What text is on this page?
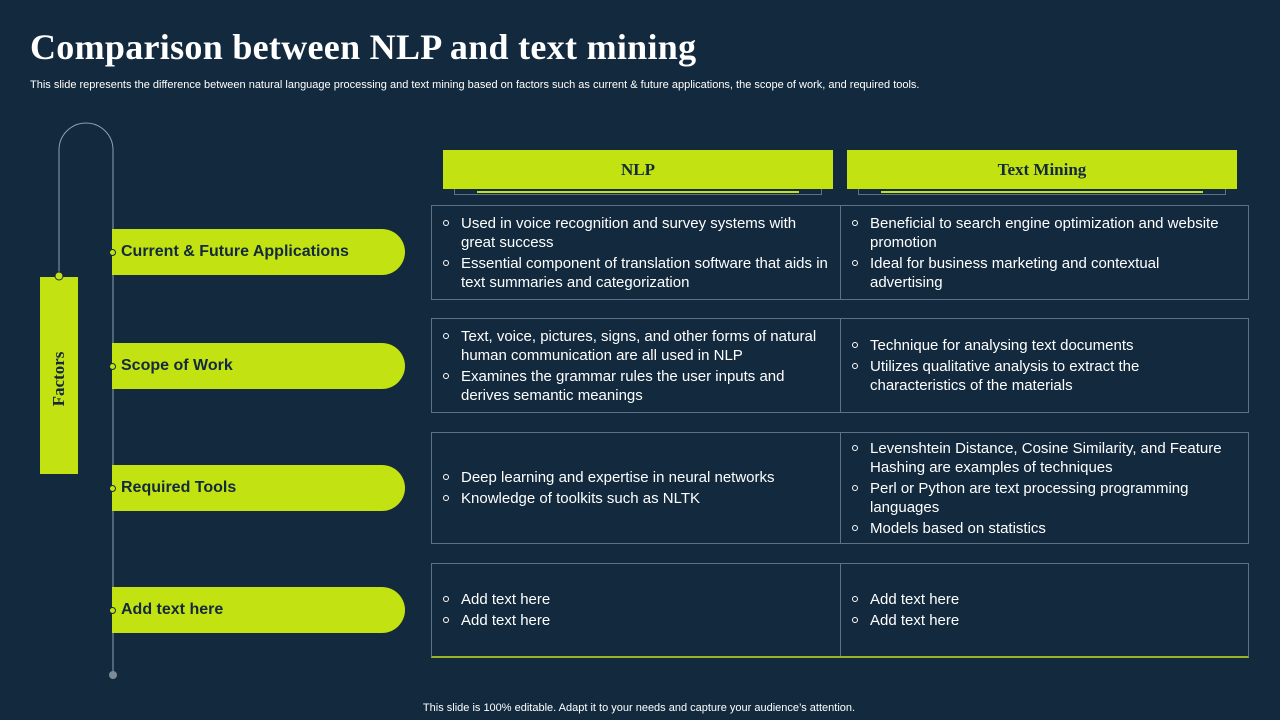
Comparison between NLP and text mining

This slide represents the difference between natural language processing and text mining based on factors such as current & future applications, the scope of work, and required tools.

Factors
Current & Future Applications
Scope of Work
Required Tools
Add text here
NLP	Text Mining
Used in voice recognition and survey systems with great success
Essential component of translation software that aids in text summaries and categorization
Beneficial to search engine optimization and website promotion
Ideal for business marketing and contextual advertising
Text, voice, pictures, signs, and other forms of natural human communication are all used in NLP
Examines the grammar rules the user inputs and derives semantic meanings
Technique for analysing text documents
Utilizes qualitative analysis to extract the characteristics of the materials
Deep learning and expertise in neural networks
Knowledge of toolkits such as NLTK
Levenshtein Distance, Cosine Similarity, and Feature Hashing are examples of techniques
Perl or Python are text processing programming languages
Models based on statistics
Add text here
Add text here
Add text here
Add text here

This slide is 100% editable. Adapt it to your needs and capture your audience’s attention.
